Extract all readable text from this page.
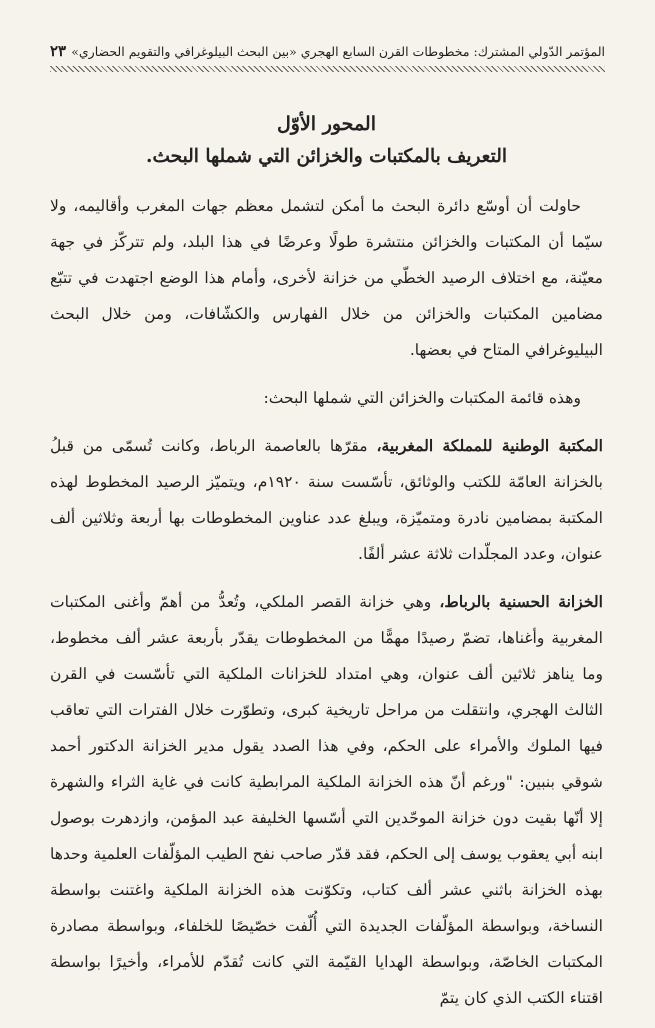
المؤتمر الدّولي المشترك: مخطوطات القرن السابع الهجري «بين البحث البيلوغرافي والتقويم الحضاري»
٢٣
المحور الأوّل
التعريف بالمكتبات والخزائن التي شملها البحث.

حاولت أن أوسّع دائرة البحث ما أمكن لتشمل معظم جهات المغرب وأقاليمه، ولا سيّما أن المكتبات والخزائن منتشرة طولًا وعرضًا في هذا البلد، ولم تتركّز في جهة معيّنة، مع اختلاف الرصيد الخطّي من خزانة لأخرى، وأمام هذا الوضع اجتهدت في تتبّع مضامين المكتبات والخزائن من خلال الفهارس والكشّافات، ومن خلال البحث البيليوغرافي المتاح في بعضها.

وهذه قائمة المكتبات والخزائن التي شملها البحث:

المكتبة الوطنية للمملكة المغربية، مقرّها بالعاصمة الرباط، وكانت تُسمّى من قبلُ بالخزانة العامّة للكتب والوثائق، تأسّست سنة ١٩٢٠م، ويتميّز الرصيد المخطوط لهذه المكتبة بمضامين نادرة ومتميّزة، ويبلغ عدد عناوين المخطوطات بها أربعة وثلاثين ألف عنوان، وعدد المجلّدات ثلاثة عشر ألفًا.

الخزانة الحسنية بالرباط، وهي خزانة القصر الملكي، وتُعدُّ من أهمّ وأغنى المكتبات المغربية وأغناها، تضمّ رصيدًا مهمًّا من المخطوطات يقدّر بأربعة عشر ألف مخطوط، وما يناهز ثلاثين ألف عنوان، وهي امتداد للخزانات الملكية التي تأسّست في القرن الثالث الهجري، وانتقلت من مراحل تاريخية كبرى، وتطوّرت خلال الفترات التي تعاقب فيها الملوك والأمراء على الحكم، وفي هذا الصدد يقول مدير الخزانة الدكتور أحمد شوقي بنبين: "ورغم أنّ هذه الخزانة الملكية المرابطية كانت في غاية الثراء والشهرة إلا أنّها بقيت دون خزانة الموحّدين التي أسّسها الخليفة عبد المؤمن، وازدهرت بوصول ابنه أبي يعقوب يوسف إلى الحكم، فقد قدّر صاحب نفح الطيب المؤلّفات العلمية وحدها بهذه الخزانة باثني عشر ألف كتاب، وتكوّنت هذه الخزانة الملكية واغتنت بواسطة النساخة، وبواسطة المؤلّفات الجديدة التي أُلّفت خصّيصًا للخلفاء، وبواسطة مصادرة المكتبات الخاصّة، وبواسطة الهدايا القيّمة التي كانت تُقدّم للأمراء، وأخيرًا بواسطة اقتناء الكتب الذي كان يتمّ
